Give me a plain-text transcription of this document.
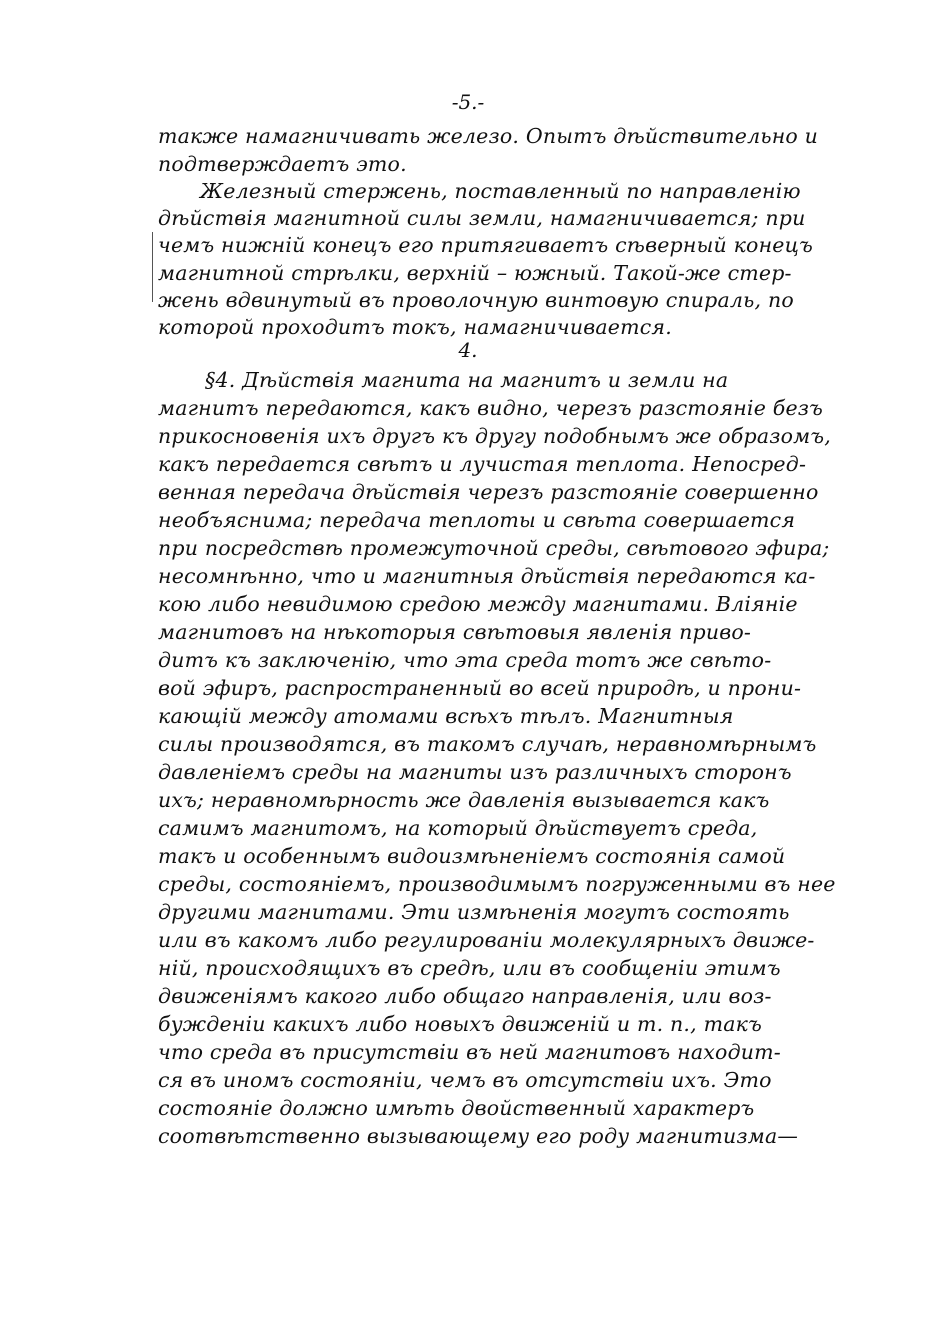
-5.-
также намагничивать железо. Опытъ дѣйствительно и
подтверждаетъ это.
Железный стержень, поставленный по направленію
дѣйствія магнитной силы земли, намагничивается; при
чемъ нижній конецъ его притягиваетъ сѣверный конецъ
магнитной стрѣлки, верхній – южный. Такой-же стер-
жень вдвинутый въ проволочную винтовую спираль, по
которой проходитъ токъ, намагничивается.
4.
§4. Дѣйствія магнита на магнитъ и земли на
магнитъ передаются, какъ видно, черезъ разстояніе безъ
прикосновенія ихъ другъ къ другу подобнымъ же образомъ,
какъ передается свѣтъ и лучистая теплота. Непосред-
венная передача дѣйствія черезъ разстояніе совершенно
необъяснима; передача теплоты и свѣта совершается
при посредствѣ промежуточной среды, свѣтового эфира;
несомнѣнно, что и магнитныя дѣйствія передаются ка-
кою либо невидимою средою между магнитами. Вліяніе
магнитовъ на нѣкоторыя свѣтовыя явленія приво-
дитъ къ заключенію, что эта среда тотъ же свѣто-
вой эфиръ, распространенный во всей природѣ, и прони-
кающій между атомами всѣхъ тѣлъ. Магнитныя
силы производятся, въ такомъ случаѣ, неравномѣрнымъ
давленіемъ среды на магниты изъ различныхъ сторонъ
ихъ; неравномѣрность же давленія вызывается какъ
самимъ магнитомъ, на который дѣйствуетъ среда,
такъ и особеннымъ видоизмѣненіемъ состоянія самой
среды, состояніемъ, производимымъ погруженными въ нее
другими магнитами. Эти измѣненія могутъ состоять
или въ какомъ либо регулированіи молекулярныхъ движе-
ній, происходящихъ въ средѣ, или въ сообщеніи этимъ
движеніямъ какого либо общаго направленія, или воз-
бужденіи какихъ либо новыхъ движеній и т. п., такъ
что среда въ присутствіи въ ней магнитовъ находит-
ся въ иномъ состояніи, чемъ въ отсутствіи ихъ. Это
состояніе должно имѣть двойственный характеръ
соотвѣтственно вызывающему его роду магнитизма—
